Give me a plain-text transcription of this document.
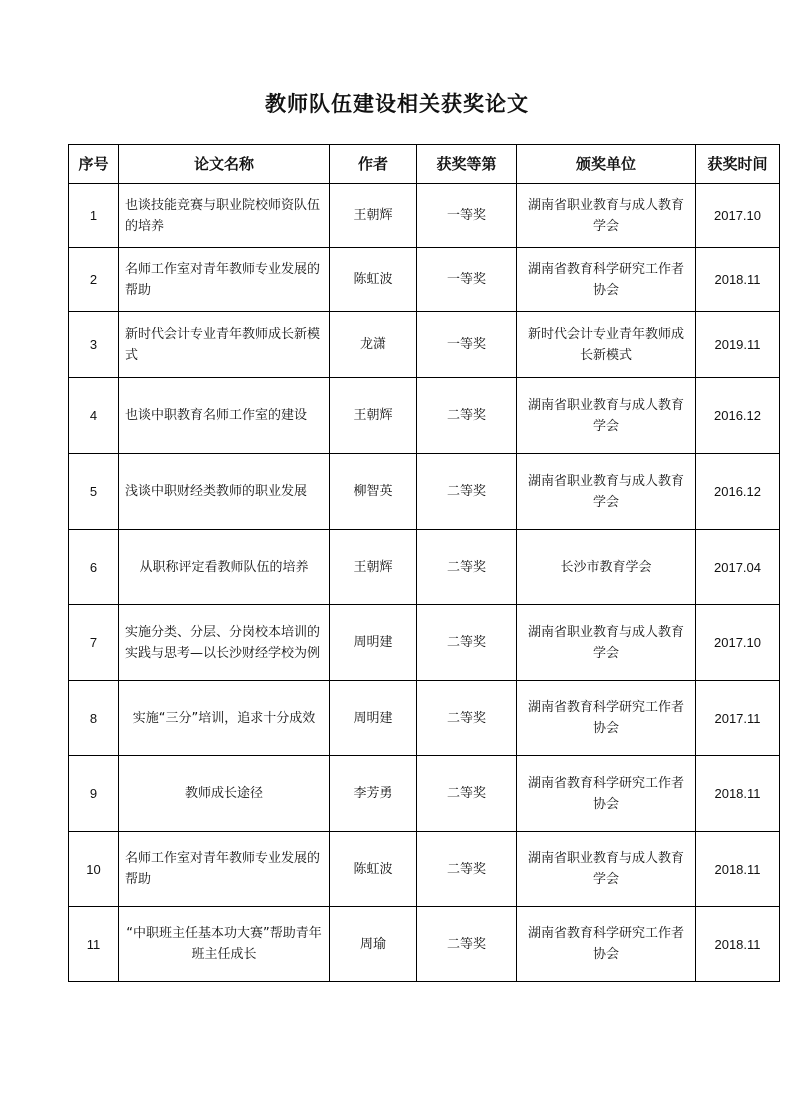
教师队伍建设相关获奖论文
序号	论文名称	作者	获奖等第	颁奖单位	获奖时间
1	也谈技能竞赛与职业院校师资队伍的培养	王朝辉	一等奖	湖南省职业教育与成人教育学会	2017.10
2	名师工作室对青年教师专业发展的帮助	陈虹波	一等奖	湖南省教育科学研究工作者协会	2018.11
3	新时代会计专业青年教师成长新模式	龙潇	一等奖	新时代会计专业青年教师成长新模式	2019.11
4	也谈中职教育名师工作室的建设	王朝辉	二等奖	湖南省职业教育与成人教育学会	2016.12
5	浅谈中职财经类教师的职业发展	柳智英	二等奖	湖南省职业教育与成人教育学会	2016.12
6	从职称评定看教师队伍的培养	王朝辉	二等奖	长沙市教育学会	2017.04
7	实施分类、分层、分岗校本培训的实践与思考—以长沙财经学校为例	周明建	二等奖	湖南省职业教育与成人教育学会	2017.10
8	实施“三分”培训，追求十分成效	周明建	二等奖	湖南省教育科学研究工作者协会	2017.11
9	教师成长途径	李芳勇	二等奖	湖南省教育科学研究工作者协会	2018.11
10	名师工作室对青年教师专业发展的帮助	陈虹波	二等奖	湖南省职业教育与成人教育学会	2018.11
11	“中职班主任基本功大赛”帮助青年班主任成长	周瑜	二等奖	湖南省教育科学研究工作者协会	2018.11
